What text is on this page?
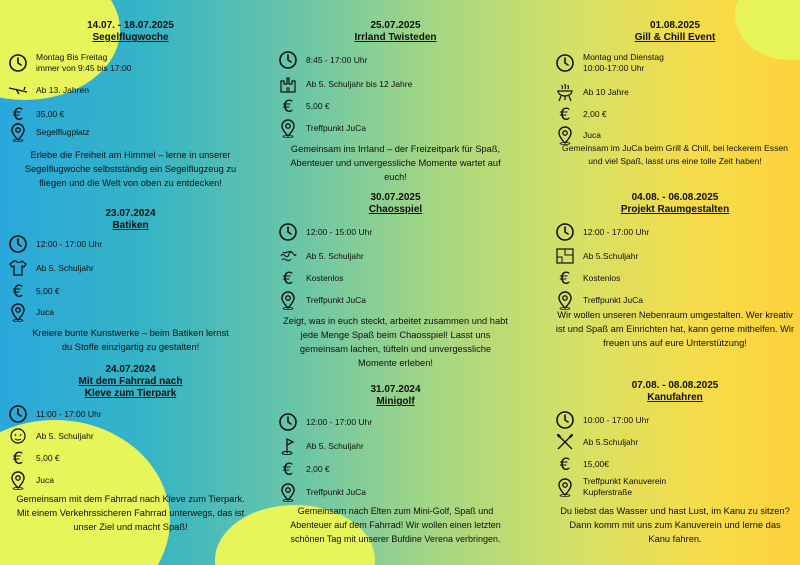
14.07. - 18.07.2025
Segelflugwoche
Montag Bis Freitag
immer von 9:45 bis 17:00
Ab 13. Jahren
€ 35,00 €
Segelflugplatz
Erlebe die Freiheit am Himmel – lerne in unserer Segelflugwoche selbstständig ein Segelflugzeug zu fliegen und die Welt von oben zu entdecken!
23.07.2024
Batiken
12:00 - 17:00 Uhr
Ab 5. Schuljahr
€ 5,00 €
Juca
Kreiere bunte Kunstwerke – beim Batiken lernst du Stoffe einzigartig zu gestalten!
24.07.2024
Mit dem Fahrrad nach
Kleve zum Tierpark
11:00 - 17:00 Uhr
Ab 5. Schuljahr
€ 5,00 €
Juca
Gemeinsam mit dem Fahrrad nach Kleve zum Tierpark.
Mit einem Verkehrssicheren Fahrrad unterwegs, das ist unser Ziel und macht Spaß!
25.07.2025
Irrland Twisteden
8:45 - 17:00 Uhr
Ab 5. Schuljahr bis 12 Jahre
€ 5,00 €
Treffpunkt JuCa
Gemeinsam ins Irrland – der Freizeitpark für Spaß, Abenteuer und unvergessliche Momente wartet auf euch!
30.07.2025
Chaosspiel
12:00 - 15:00 Uhr
Ab 5. Schuljahr
€ Kostenlos
Treffpunkt JuCa
Zeigt, was in euch steckt, arbeitet zusammen und habt jede Menge Spaß beim Chaosspiel! Lasst uns gemeinsam lachen, tüfteln und unvergessliche Momente erleben!
31.07.2024
Minigolf
12:00 - 17:00 Uhr
Ab 5. Schuljahr
€ 2,00 €
Treffpunkt JuCa
Gemeinsam nach Elten zum Mini-Golf, Spaß und Abenteuer auf dem Fahrrad! Wir wollen einen letzten schönen Tag mit unserer Bufdine Verena verbringen.
01.08.2025
Gill & Chill Event
Montag und Dienstag
10:00-17:00 Uhr
Ab 10 Jahre
€ 2,00 €
Juca
Gemeinsam im JuCa beim Grill & Chill, bei leckerem Essen und viel Spaß, lasst uns eine tolle Zeit haben!
04.08. - 06.08.2025
Projekt Raumgestalten
12:00 - 17:00 Uhr
Ab 5.Schuljahr
€ Kostenlos
Treffpunkt JuCa
Wir wollen unseren Nebenraum umgestalten. Wer kreativ ist und Spaß am Einrichten hat, kann gerne mithelfen. Wir freuen uns auf eure Unterstützung!
07.08. - 08.08.2025
Kanufahren
10:00 - 17:00 Uhr
Ab 5.Schuljahr
€ 15,00€
Treffpunkt Kanuverein
Kupferstraße
Du liebst das Wasser und hast Lust, im Kanu zu sitzen? Dann komm mit uns zum Kanuverein und lerne das Kanu fahren.
